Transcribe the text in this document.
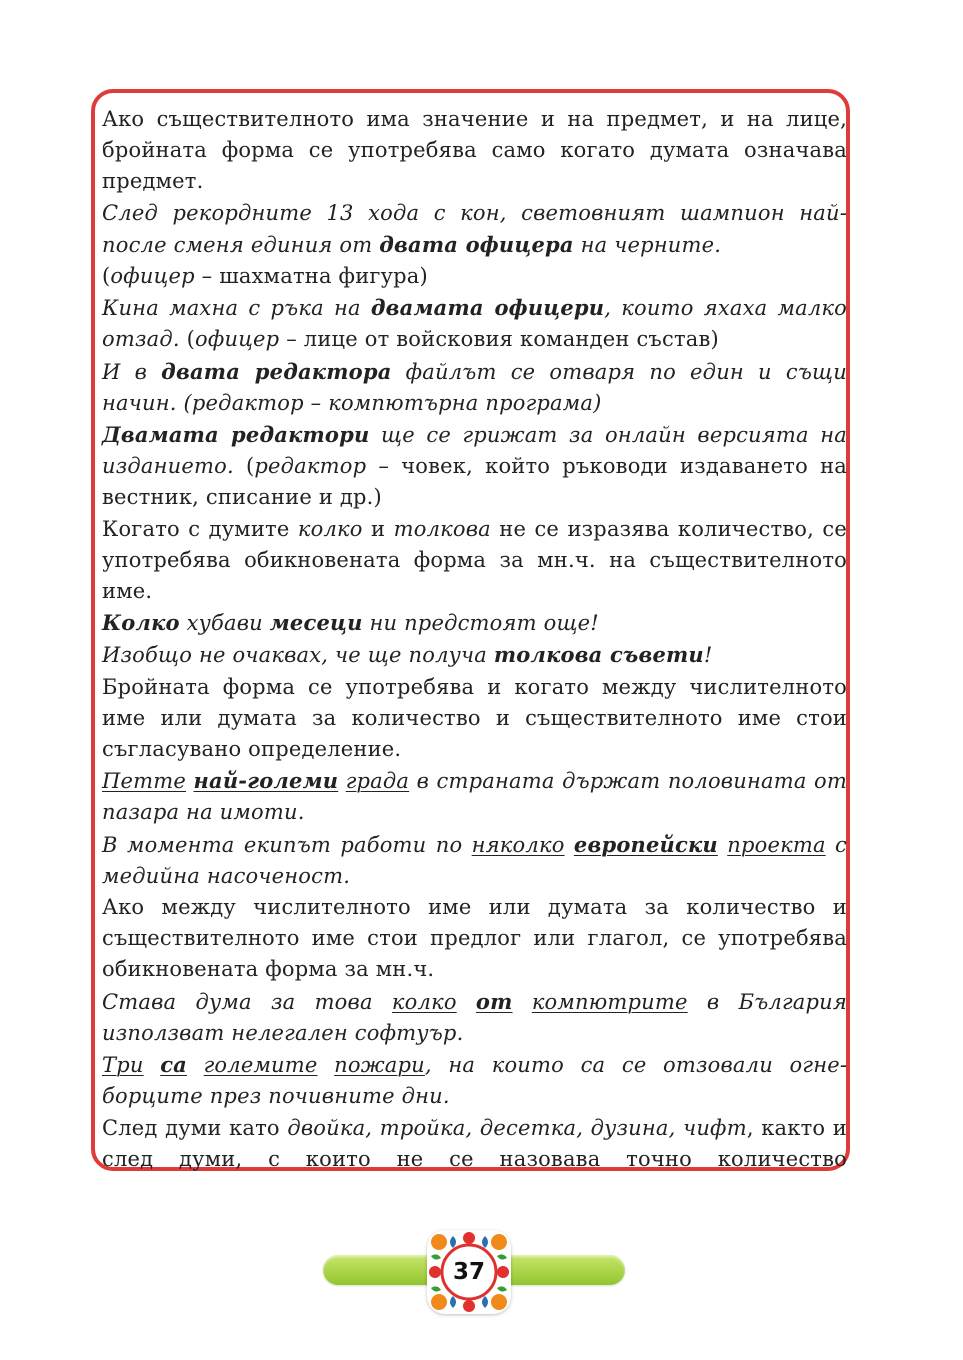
Ако съществителното има значение и на предмет, и на лице, бройната форма се употребява само когато думата означава предмет.

След рекордните 13 хода с кон, световният шампион най-после сменя единия от двата офицера на черните.
(офицер – шахматна фигура)

Кина махна с ръка на двамата офицери, които яхаха малко отзад. (офицер – лице от войсковия команден състав)

И в двата редактора файлът се отваря по един и същи начин. (редактор – компютърна програма)

Двамата редактори ще се грижат за онлайн версията на изданието. (редактор – човек, който ръководи издаването на вестник, списание и др.)

Когато с думите колко и толкова не се изразява количество, се употребява обикновената форма за мн.ч. на съществителното име.

Колко хубави месеци ни предстоят още!

Изобщо не очаквах, че ще получа толкова съвети!

Бройната форма се употребява и когато между числителното име или думата за количество и съществителното име стои съгласувано определение.

Петте най-големи града в страната държат половината от пазара на имоти.

В момента екипът работи по няколко европейски проекта с медийна насоченост.

Ако между числителното име или думата за количество и съществителното име стои предлог или глагол, се употребява обикновената форма за мн.ч.

Става дума за това колко от компютрите в България използват нелегален софтуър.

Три са големите пожари, на които са се отзовали огнеборците през почивните дни.

След думи като двойка, тройка, десетка, дузина, чифт, както и след думи, с които не се назовава точно количество

37
